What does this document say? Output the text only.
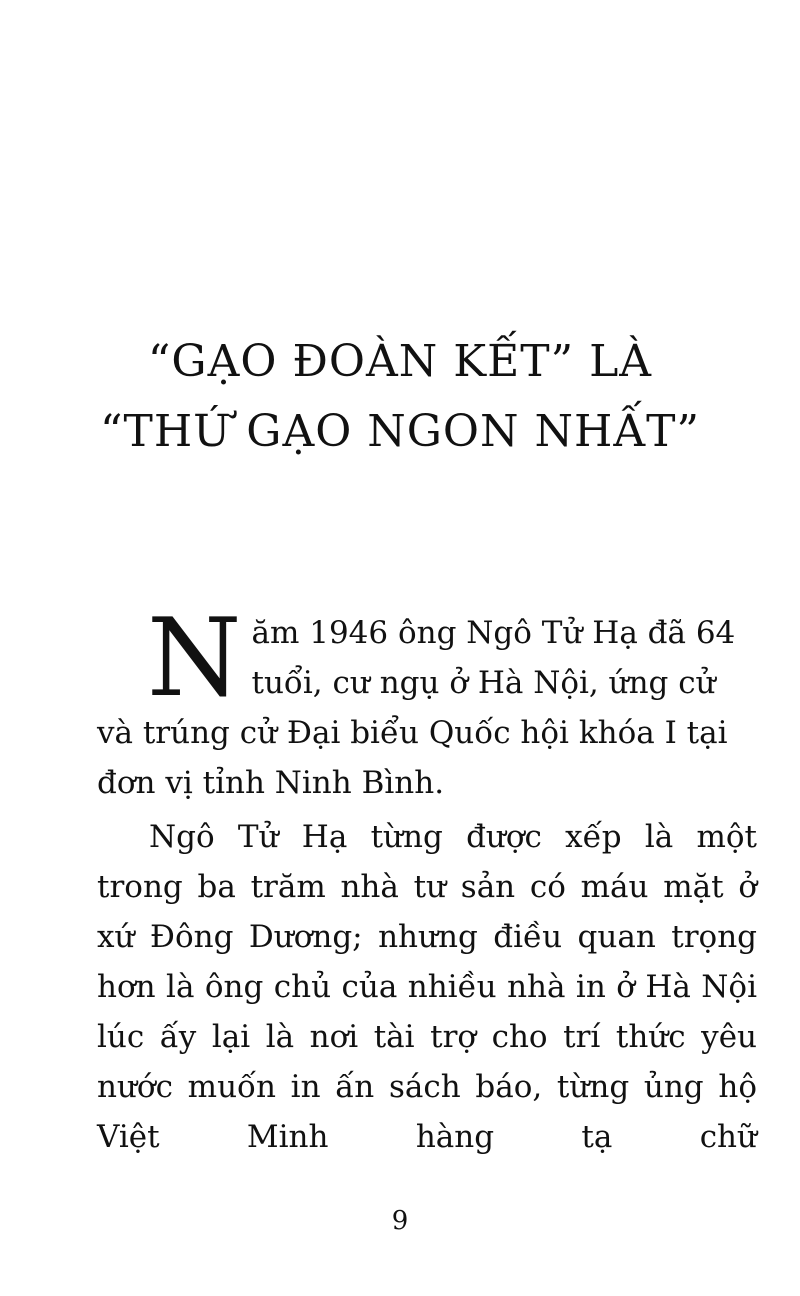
“GẠO ĐOÀN KẾT” LÀ
“THỨ GẠO NGON NHẤT”
N ăm 1946 ông Ngô Tử Hạ đã 64 tuổi, cư ngụ ở Hà Nội, ứng cử và trúng cử Đại biểu Quốc hội khóa I tại đơn vị tỉnh Ninh Bình.
Ngô Tử Hạ từng được xếp là một trong ba trăm nhà tư sản có máu mặt ở xứ Đông Dương; nhưng điều quan trọng hơn là ông chủ của nhiều nhà in ở Hà Nội lúc ấy lại là nơi tài trợ cho trí thức yêu nước muốn in ấn sách báo, từng ủng hộ Việt Minh hàng tạ chữ
9
